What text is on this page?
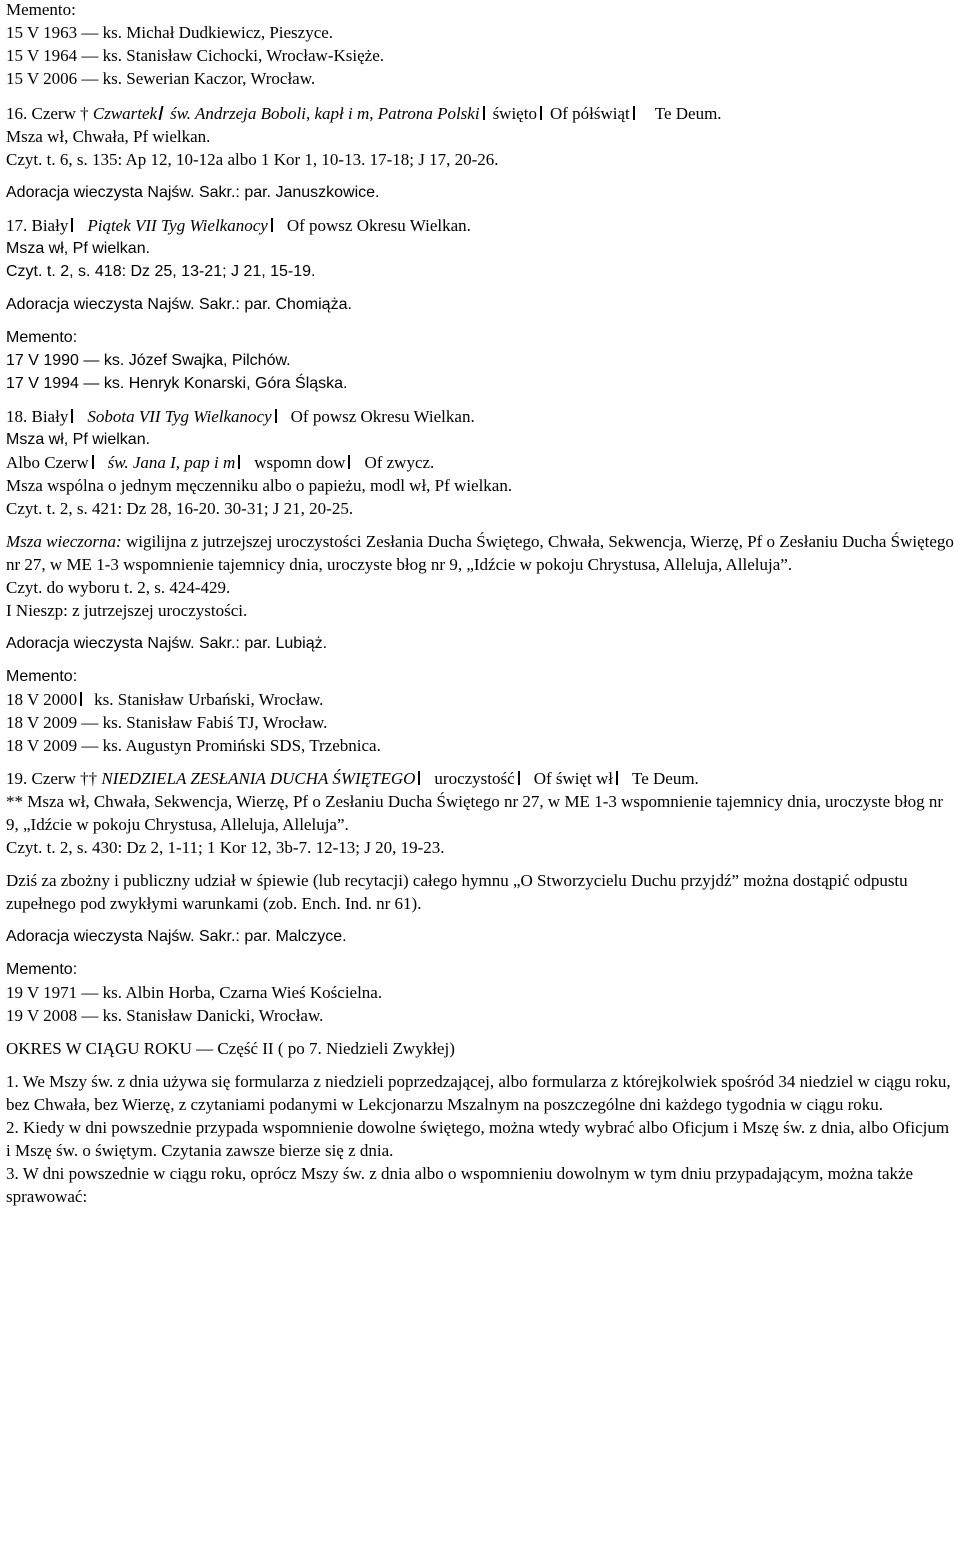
Memento:
15 V 1963 — ks. Michał Dudkiewicz, Pieszyce.
15 V 1964 — ks. Stanisław Cichocki, Wrocław-Księże.
15 V 2006 — ks. Sewerian Kaczor, Wrocław.
16. Czerw † Czwartek św. Andrzeja Boboli, kapł i m, Patrona Polski święto Of półświąt Te Deum.
Msza wł, Chwała, Pf wielkan.
Czyt. t. 6, s. 135: Ap 12, 10-12a albo 1 Kor 1, 10-13. 17-18; J 17, 20-26.
Adoracja wieczysta Najśw. Sakr.: par. Januszkowice.
17. Biały Piątek VII Tyg Wielkanocy Of powsz Okresu Wielkan.
Msza wł, Pf wielkan.
Czyt. t. 2, s. 418: Dz 25, 13-21; J 21, 15-19.
Adoracja wieczysta Najśw. Sakr.: par. Chomiąża.
Memento:
17 V 1990 — ks. Józef Swajka, Pilchów.
17 V 1994 — ks. Henryk Konarski, Góra Śląska.
18. Biały Sobota VII Tyg Wielkanocy Of powsz Okresu Wielkan.
Msza wł, Pf wielkan.
Albo Czerw św. Jana I, pap i m wspomn dow Of zwycz.
Msza wspólna o jednym męczenniku albo o papieżu, modl wł, Pf wielkan.
Czyt. t. 2, s. 421: Dz 28, 16-20. 30-31; J 21, 20-25.
Msza wieczorna: wigilijna z jutrzejszej uroczystości Zesłania Ducha Świętego, Chwała, Sekwencja, Wierzę, Pf o Zesłaniu Ducha Świętego nr 27, w ME 1-3 wspomnienie tajemnicy dnia, uroczyste błog nr 9, „Idźcie w pokoju Chrystusa, Alleluja, Alleluja”.
Czyt. do wyboru t. 2, s. 424-429.
I Nieszp: z jutrzejszej uroczystości.
Adoracja wieczysta Najśw. Sakr.: par. Lubiąż.
Memento:
18 V 2000 ks. Stanisław Urbański, Wrocław.
18 V 2009 — ks. Stanisław Fabiś TJ, Wrocław.
18 V 2009 — ks. Augustyn Promiński SDS, Trzebnica.
19. Czerw †† NIEDZIELA ZESŁANIA DUCHA ŚWIĘTEGO uroczystość Of święt wł Te Deum.
** Msza wł, Chwała, Sekwencja, Wierzę, Pf o Zesłaniu Ducha Świętego nr 27, w ME 1-3 wspomnienie tajemnicy dnia, uroczyste błog nr 9, „Idźcie w pokoju Chrystusa, Alleluja, Alleluja”.
Czyt. t. 2, s. 430: Dz 2, 1-11; 1 Kor 12, 3b-7. 12-13; J 20, 19-23.
Dziś za zbożny i publiczny udział w śpiewie (lub recytacji) całego hymnu „O Stworzycielu Duchu przyjdź” można dostąpić odpustu zupełnego pod zwykłymi warunkami (zob. Ench. Ind. nr 61).
Adoracja wieczysta Najśw. Sakr.: par. Malczyce.
Memento:
19 V 1971 — ks. Albin Horba, Czarna Wieś Kościelna.
19 V 2008 — ks. Stanisław Danicki, Wrocław.
OKRES W CIĄGU ROKU — Część II ( po 7. Niedzieli Zwykłej)
1. We Mszy św. z dnia używa się formularza z niedzieli poprzedzającej, albo formularza z którejkolwiek spośród 34 niedziel w ciągu roku, bez Chwała, bez Wierzę, z czytaniami podanymi w Lekcjonarzu Mszalnym na poszczególne dni każdego tygodnia w ciągu roku.
2. Kiedy w dni powszednie przypada wspomnienie dowolne świętego, można wtedy wybrać albo Oficjum i Mszę św. z dnia, albo Oficjum i Mszę św. o świętym. Czytania zawsze bierze się z dnia.
3. W dni powszednie w ciągu roku, oprócz Mszy św. z dnia albo o wspomnieniu dowolnym w tym dniu przypadającym, można także sprawować:
